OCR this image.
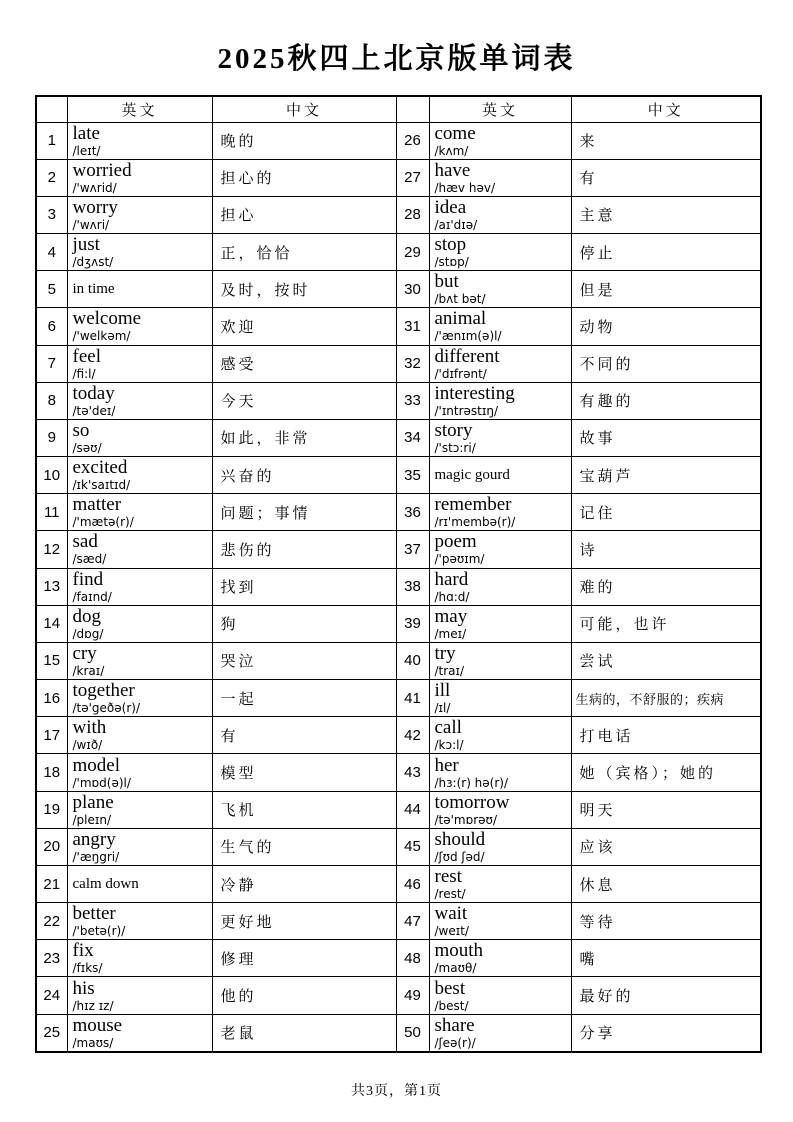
2025秋四上北京版单词表
	英文	中文		英文	中文
1	late
/leɪt/
	晚的	26	come
/kʌm/
	来
2	worried
/'wʌrid/
	担心的	27	have
/hæv həv/
	有
3	worry
/'wʌri/
	担心	28	idea
/aɪ'dɪə/
	主意
4	just
/dʒʌst/
	正，恰恰	29	stop
/stɒp/
	停止
5	in time	及时，按时	30	but
/bʌt bət/	但是
6	welcome
/'welkəm/
	欢迎	31	animal
/'ænɪm(ə)l/
	动物
7	feel
/fi:l/
	感受	32	different
/'dɪfrənt/
	不同的
8	today
/tə'deɪ/
	今天	33	interesting
/'ɪntrəstɪŋ/
	有趣的
9	so
/səʊ/
	如此，非常	34	story
/'stɔ:ri/
	故事
10	excited
/ɪk'saɪtɪd/	兴奋的	35	magic gourd	宝葫芦
11	matter
/'mætə(r)/
	问题；事情	36	remember
/rɪ'membə(r)/
	记住
12	sad
/sæd/
	悲伤的	37	poem
/'pəʊɪm/
	诗
13	find
/faɪnd/
	找到	38	hard
/hɑ:d/
	难的
14	dog
/dɒg/
	狗	39	may
/meɪ/
	可能，也许
15	cry
/kraɪ/
	哭泣	40	try
/traɪ/
	尝试
16	together
/tə'geðə(r)/
	一起	41	ill
/ɪl/
	生病的，不舒服的；疾病
17	with
/wɪð/
	有	42	call
/kɔ:l/
	打电话
18	model
/'mɒd(ə)l/
	模型	43	her
/hɜ:(r) hə(r)/
	她（宾格）；她的
19	plane
/pleɪn/
	飞机	44	tomorrow
/tə'mɒrəʊ/
	明天
20	angry
/'æŋgri/
	生气的	45	should
/ʃʊd ʃəd/
	应该
21	calm down	冷静	46	rest
/rest/	休息
22	better
/'betə(r)/
	更好地	47	wait
/weɪt/
	等待
23	fix
/fɪks/
	修理	48	mouth
/maʊθ/
	嘴
24	his
/hɪz ɪz/
	他的	49	best
/best/
	最好的
25	mouse
/maʊs/
	老鼠	50	share
/ʃeə(r)/
	分享
共3页，第1页
